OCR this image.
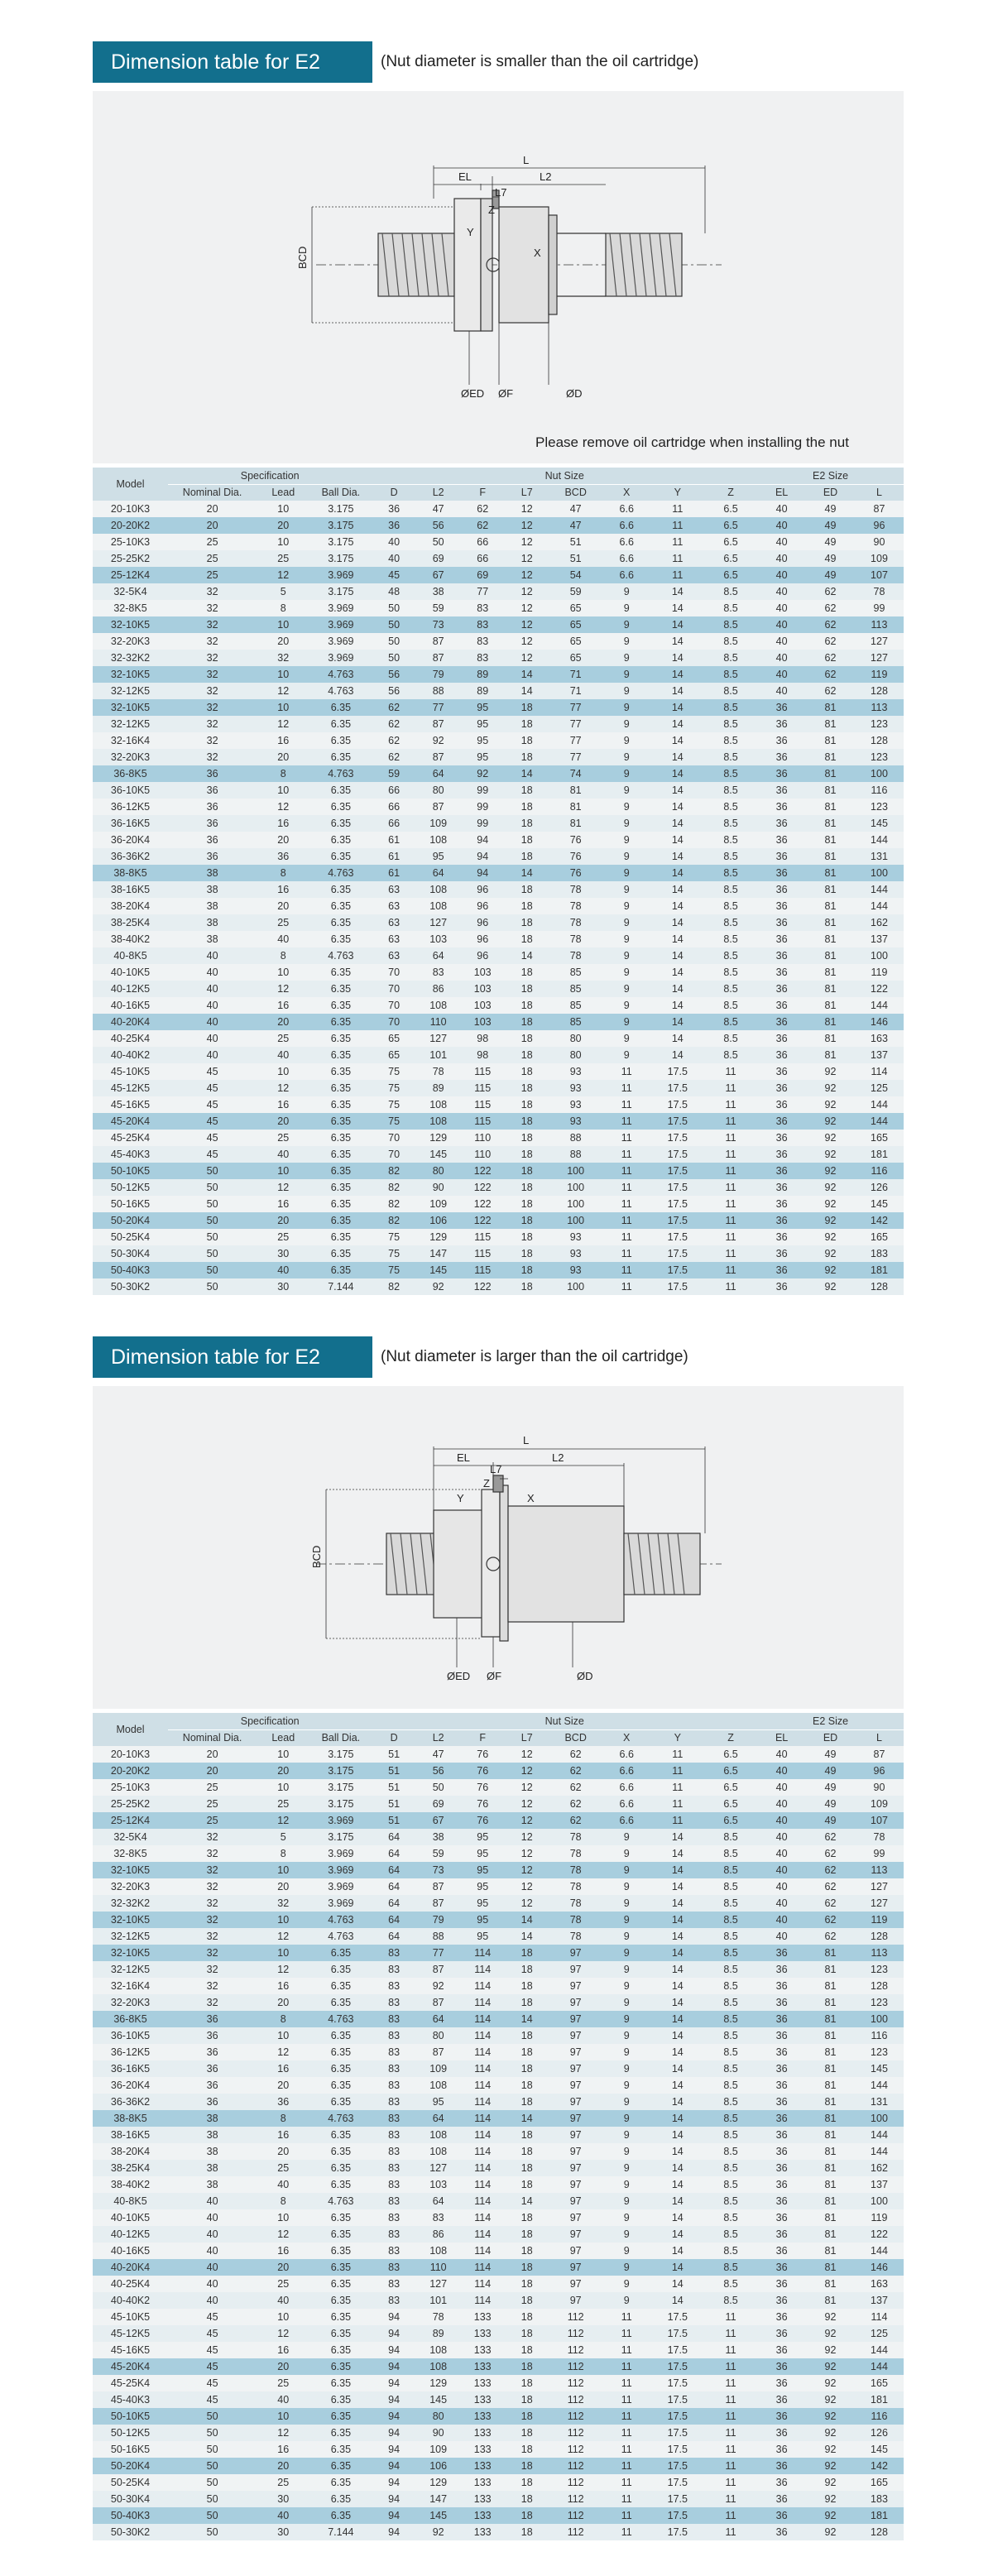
Dimension table for E2	(Nut diameter is smaller than the oil cartridge)
L
EL	L2
L7
Z
Y
X
BCD
ØED ØF	ØD
Please remove oil cartridge when installing the nut
Model	Specification			Nut Size								E2 Size		
	Nominal Dia.	Lead	Ball Dia.	D	L2	F	L7	BCD	X	Y	Z	EL	ED	L
20-10K3	20	10	3.175	36	47	62	12	47	6.6	11	6.5	40	49	87
20-20K2	20	20	3.175	36	56	62	12	47	6.6	11	6.5	40	49	96
25-10K3	25	10	3.175	40	50	66	12	51	6.6	11	6.5	40	49	90
25-25K2	25	25	3.175	40	69	66	12	51	6.6	11	6.5	40	49	109
25-12K4	25	12	3.969	45	67	69	12	54	6.6	11	6.5	40	49	107
32-5K4	32	5	3.175	48	38	77	12	59	9	14	8.5	40	62	78
32-8K5	32	8	3.969	50	59	83	12	65	9	14	8.5	40	62	99
32-10K5	32	10	3.969	50	73	83	12	65	9	14	8.5	40	62	113
32-20K3	32	20	3.969	50	87	83	12	65	9	14	8.5	40	62	127
32-32K2	32	32	3.969	50	87	83	12	65	9	14	8.5	40	62	127
32-10K5	32	10	4.763	56	79	89	14	71	9	14	8.5	40	62	119
32-12K5	32	12	4.763	56	88	89	14	71	9	14	8.5	40	62	128
32-10K5	32	10	6.35	62	77	95	18	77	9	14	8.5	36	81	113
32-12K5	32	12	6.35	62	87	95	18	77	9	14	8.5	36	81	123
32-16K4	32	16	6.35	62	92	95	18	77	9	14	8.5	36	81	128
32-20K3	32	20	6.35	62	87	95	18	77	9	14	8.5	36	81	123
36-8K5	36	8	4.763	59	64	92	14	74	9	14	8.5	36	81	100
36-10K5	36	10	6.35	66	80	99	18	81	9	14	8.5	36	81	116
36-12K5	36	12	6.35	66	87	99	18	81	9	14	8.5	36	81	123
36-16K5	36	16	6.35	66	109	99	18	81	9	14	8.5	36	81	145
36-20K4	36	20	6.35	61	108	94	18	76	9	14	8.5	36	81	144
36-36K2	36	36	6.35	61	95	94	18	76	9	14	8.5	36	81	131
38-8K5	38	8	4.763	61	64	94	14	76	9	14	8.5	36	81	100
38-16K5	38	16	6.35	63	108	96	18	78	9	14	8.5	36	81	144
38-20K4	38	20	6.35	63	108	96	18	78	9	14	8.5	36	81	144
38-25K4	38	25	6.35	63	127	96	18	78	9	14	8.5	36	81	162
38-40K2	38	40	6.35	63	103	96	18	78	9	14	8.5	36	81	137
40-8K5	40	8	4.763	63	64	96	14	78	9	14	8.5	36	81	100
40-10K5	40	10	6.35	70	83	103	18	85	9	14	8.5	36	81	119
40-12K5	40	12	6.35	70	86	103	18	85	9	14	8.5	36	81	122
40-16K5	40	16	6.35	70	108	103	18	85	9	14	8.5	36	81	144
40-20K4	40	20	6.35	70	110	103	18	85	9	14	8.5	36	81	146
40-25K4	40	25	6.35	65	127	98	18	80	9	14	8.5	36	81	163
40-40K2	40	40	6.35	65	101	98	18	80	9	14	8.5	36	81	137
45-10K5	45	10	6.35	75	78	115	18	93	11	17.5	11	36	92	114
45-12K5	45	12	6.35	75	89	115	18	93	11	17.5	11	36	92	125
45-16K5	45	16	6.35	75	108	115	18	93	11	17.5	11	36	92	144
45-20K4	45	20	6.35	75	108	115	18	93	11	17.5	11	36	92	144
45-25K4	45	25	6.35	70	129	110	18	88	11	17.5	11	36	92	165
45-40K3	45	40	6.35	70	145	110	18	88	11	17.5	11	36	92	181
50-10K5	50	10	6.35	82	80	122	18	100	11	17.5	11	36	92	116
50-12K5	50	12	6.35	82	90	122	18	100	11	17.5	11	36	92	126
50-16K5	50	16	6.35	82	109	122	18	100	11	17.5	11	36	92	145
50-20K4	50	20	6.35	82	106	122	18	100	11	17.5	11	36	92	142
50-25K4	50	25	6.35	75	129	115	18	93	11	17.5	11	36	92	165
50-30K4	50	30	6.35	75	147	115	18	93	11	17.5	11	36	92	183
50-40K3	50	40	6.35	75	145	115	18	93	11	17.5	11	36	92	181
50-30K2	50	30	7.144	82	92	122	18	100	11	17.5	11	36	92	128
Dimension table for E2	(Nut diameter is larger than the oil cartridge)
L
EL	L2
L7
Z
Y	X
BCD
ØED ØF	ØD
Model	Specification			Nut Size								E2 Size		
	Nominal Dia.	Lead	Ball Dia.	D	L2	F	L7	BCD	X	Y	Z	EL	ED	L
20-10K3	20	10	3.175	51	47	76	12	62	6.6	11	6.5	40	49	87
20-20K2	20	20	3.175	51	56	76	12	62	6.6	11	6.5	40	49	96
25-10K3	25	10	3.175	51	50	76	12	62	6.6	11	6.5	40	49	90
25-25K2	25	25	3.175	51	69	76	12	62	6.6	11	6.5	40	49	109
25-12K4	25	12	3.969	51	67	76	12	62	6.6	11	6.5	40	49	107
32-5K4	32	5	3.175	64	38	95	12	78	9	14	8.5	40	62	78
32-8K5	32	8	3.969	64	59	95	12	78	9	14	8.5	40	62	99
32-10K5	32	10	3.969	64	73	95	12	78	9	14	8.5	40	62	113
32-20K3	32	20	3.969	64	87	95	12	78	9	14	8.5	40	62	127
32-32K2	32	32	3.969	64	87	95	12	78	9	14	8.5	40	62	127
32-10K5	32	10	4.763	64	79	95	14	78	9	14	8.5	40	62	119
32-12K5	32	12	4.763	64	88	95	14	78	9	14	8.5	40	62	128
32-10K5	32	10	6.35	83	77	114	18	97	9	14	8.5	36	81	113
32-12K5	32	12	6.35	83	87	114	18	97	9	14	8.5	36	81	123
32-16K4	32	16	6.35	83	92	114	18	97	9	14	8.5	36	81	128
32-20K3	32	20	6.35	83	87	114	18	97	9	14	8.5	36	81	123
36-8K5	36	8	4.763	83	64	114	14	97	9	14	8.5	36	81	100
36-10K5	36	10	6.35	83	80	114	18	97	9	14	8.5	36	81	116
36-12K5	36	12	6.35	83	87	114	18	97	9	14	8.5	36	81	123
36-16K5	36	16	6.35	83	109	114	18	97	9	14	8.5	36	81	145
36-20K4	36	20	6.35	83	108	114	18	97	9	14	8.5	36	81	144
36-36K2	36	36	6.35	83	95	114	18	97	9	14	8.5	36	81	131
38-8K5	38	8	4.763	83	64	114	14	97	9	14	8.5	36	81	100
38-16K5	38	16	6.35	83	108	114	18	97	9	14	8.5	36	81	144
38-20K4	38	20	6.35	83	108	114	18	97	9	14	8.5	36	81	144
38-25K4	38	25	6.35	83	127	114	18	97	9	14	8.5	36	81	162
38-40K2	38	40	6.35	83	103	114	18	97	9	14	8.5	36	81	137
40-8K5	40	8	4.763	83	64	114	14	97	9	14	8.5	36	81	100
40-10K5	40	10	6.35	83	83	114	18	97	9	14	8.5	36	81	119
40-12K5	40	12	6.35	83	86	114	18	97	9	14	8.5	36	81	122
40-16K5	40	16	6.35	83	108	114	18	97	9	14	8.5	36	81	144
40-20K4	40	20	6.35	83	110	114	18	97	9	14	8.5	36	81	146
40-25K4	40	25	6.35	83	127	114	18	97	9	14	8.5	36	81	163
40-40K2	40	40	6.35	83	101	114	18	97	9	14	8.5	36	81	137
45-10K5	45	10	6.35	94	78	133	18	112	11	17.5	11	36	92	114
45-12K5	45	12	6.35	94	89	133	18	112	11	17.5	11	36	92	125
45-16K5	45	16	6.35	94	108	133	18	112	11	17.5	11	36	92	144
45-20K4	45	20	6.35	94	108	133	18	112	11	17.5	11	36	92	144
45-25K4	45	25	6.35	94	129	133	18	112	11	17.5	11	36	92	165
45-40K3	45	40	6.35	94	145	133	18	112	11	17.5	11	36	92	181
50-10K5	50	10	6.35	94	80	133	18	112	11	17.5	11	36	92	116
50-12K5	50	12	6.35	94	90	133	18	112	11	17.5	11	36	92	126
50-16K5	50	16	6.35	94	109	133	18	112	11	17.5	11	36	92	145
50-20K4	50	20	6.35	94	106	133	18	112	11	17.5	11	36	92	142
50-25K4	50	25	6.35	94	129	133	18	112	11	17.5	11	36	92	165
50-30K4	50	30	6.35	94	147	133	18	112	11	17.5	11	36	92	183
50-40K3	50	40	6.35	94	145	133	18	112	11	17.5	11	36	92	181
50-30K2	50	30	7.144	94	92	133	18	112	11	17.5	11	36	92	128
